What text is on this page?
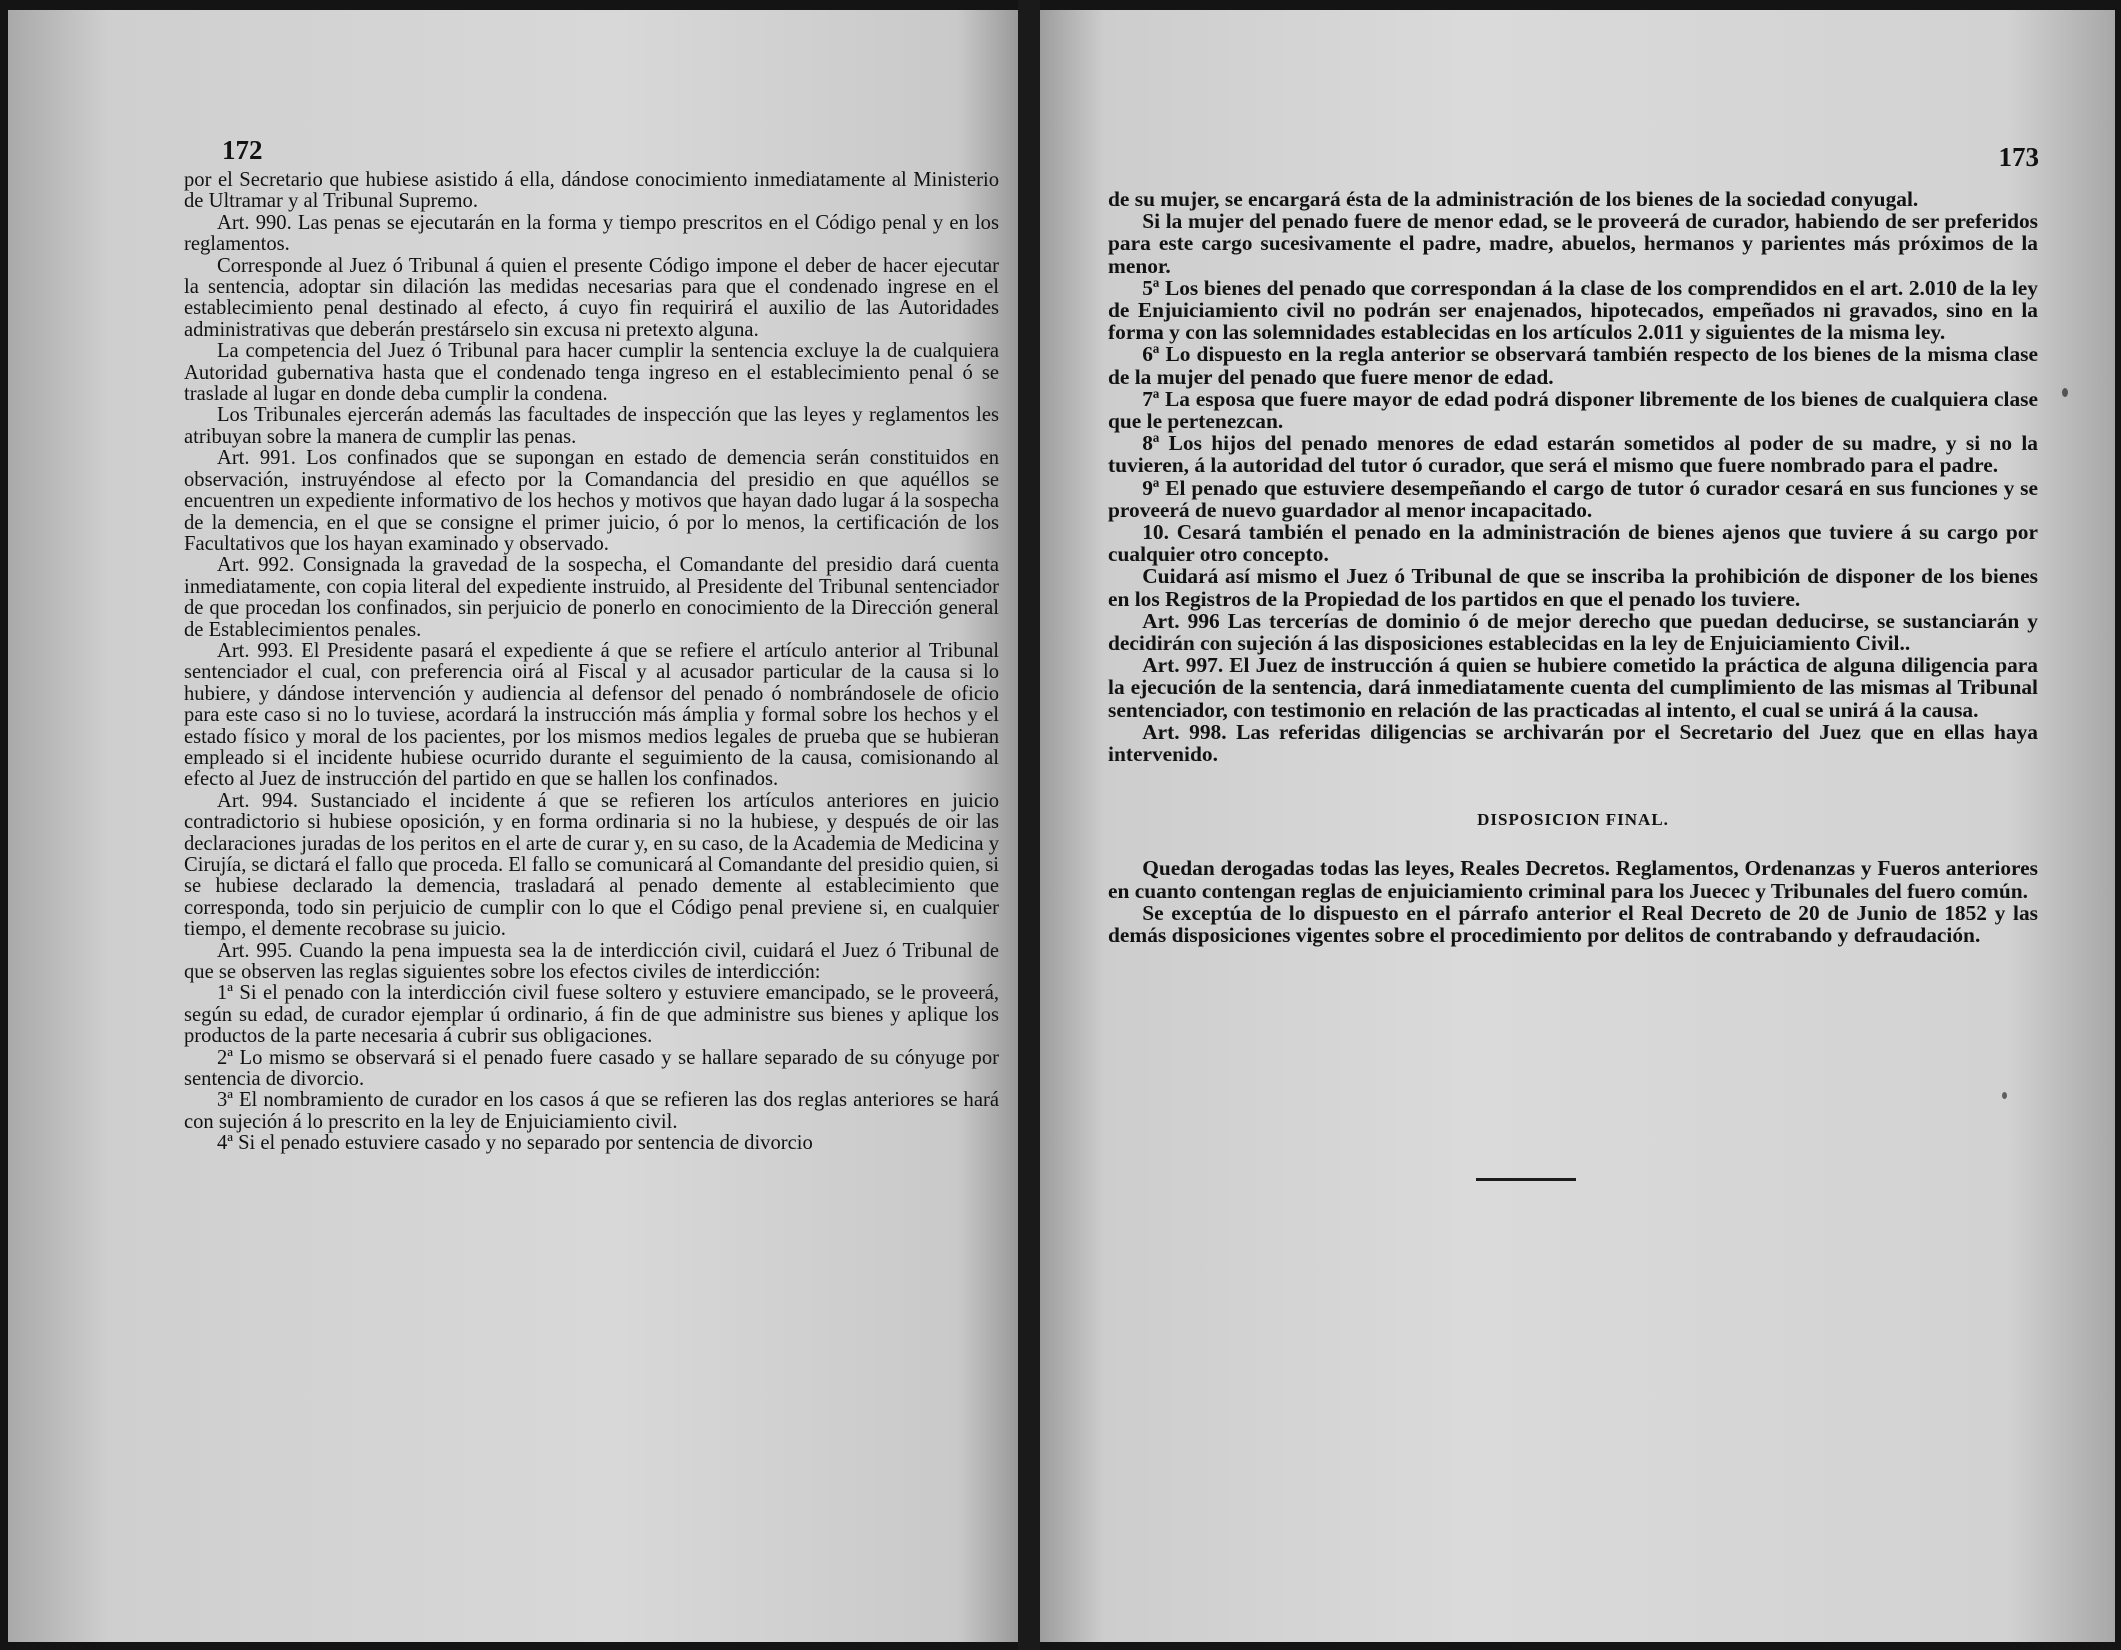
172

por el Secretario que hubiese asistido á ella, dándose conocimiento inmediatamente al Ministerio de Ultramar y al Tribunal Supremo.

Art. 990. Las penas se ejecutarán en la forma y tiempo prescritos en el Código penal y en los reglamentos.

Corresponde al Juez ó Tribunal á quien el presente Código impone el deber de hacer ejecutar la sentencia, adoptar sin dilación las medidas necesarias para que el condenado ingrese en el establecimiento penal destinado al efecto, á cuyo fin requirirá el auxilio de las Autoridades administrativas que deberán prestárselo sin excusa ni pretexto alguna.

La competencia del Juez ó Tribunal para hacer cumplir la sentencia excluye la de cualquiera Autoridad gubernativa hasta que el condenado tenga ingreso en el establecimiento penal ó se traslade al lugar en donde deba cumplir la condena.

Los Tribunales ejercerán además las facultades de inspección que las leyes y reglamentos les atribuyan sobre la manera de cumplir las penas.

Art. 991. Los confinados que se supongan en estado de demencia serán constituidos en observación, instruyéndose al efecto por la Comandancia del presidio en que aquéllos se encuentren un expediente informativo de los hechos y motivos que hayan dado lugar á la sospecha de la demencia, en el que se consigne el primer juicio, ó por lo menos, la certificación de los Facultativos que los hayan examinado y observado.

Art. 992. Consignada la gravedad de la sospecha, el Comandante del presidio dará cuenta inmediatamente, con copia literal del expediente instruido, al Presidente del Tribunal sentenciador de que procedan los confinados, sin perjuicio de ponerlo en conocimiento de la Dirección general de Establecimientos penales.

Art. 993. El Presidente pasará el expediente á que se refiere el artículo anterior al Tribunal sentenciador el cual, con preferencia oirá al Fiscal y al acusador particular de la causa si lo hubiere, y dándose intervención y audiencia al defensor del penado ó nombrándosele de oficio para este caso si no lo tuviese, acordará la instrucción más ámplia y formal sobre los hechos y el estado físico y moral de los pacientes, por los mismos medios legales de prueba que se hubieran empleado si el incidente hubiese ocurrido durante el seguimiento de la causa, comisionando al efecto al Juez de instrucción del partido en que se hallen los confinados.

Art. 994. Sustanciado el incidente á que se refieren los artículos anteriores en juicio contradictorio si hubiese oposición, y en forma ordinaria si no la hubiese, y después de oir las declaraciones juradas de los peritos en el arte de curar y, en su caso, de la Academia de Medicina y Cirujía, se dictará el fallo que proceda. El fallo se comunicará al Comandante del presidio quien, si se hubiese declarado la demencia, trasladará al penado demente al establecimiento que corresponda, todo sin perjuicio de cumplir con lo que el Código penal previene si, en cualquier tiempo, el demente recobrase su juicio.

Art. 995. Cuando la pena impuesta sea la de interdicción civil, cuidará el Juez ó Tribunal de que se observen las reglas siguientes sobre los efectos civiles de interdicción:

1ª Si el penado con la interdicción civil fuese soltero y estuviere emancipado, se le proveerá, según su edad, de curador ejemplar ú ordinario, á fin de que administre sus bienes y aplique los productos de la parte necesaria á cubrir sus obligaciones.

2ª Lo mismo se observará si el penado fuere casado y se hallare separado de su cónyuge por sentencia de divorcio.

3ª El nombramiento de curador en los casos á que se refieren las dos reglas anteriores se hará con sujeción á lo prescrito en la ley de Enjuiciamiento civil.

4ª Si el penado estuviere casado y no separado por sentencia de divorcio

173

de su mujer, se encargará ésta de la administración de los bienes de la sociedad conyugal.

Si la mujer del penado fuere de menor edad, se le proveerá de curador, habiendo de ser preferidos para este cargo sucesivamente el padre, madre, abuelos, hermanos y parientes más próximos de la menor.

5ª Los bienes del penado que correspondan á la clase de los comprendidos en el art. 2.010 de la ley de Enjuiciamiento civil no podrán ser enajenados, hipotecados, empeñados ni gravados, sino en la forma y con las solemnidades establecidas en los artículos 2.011 y siguientes de la misma ley.

6ª Lo dispuesto en la regla anterior se observará también respecto de los bienes de la misma clase de la mujer del penado que fuere menor de edad.

7ª La esposa que fuere mayor de edad podrá disponer libremente de los bienes de cualquiera clase que le pertenezcan.

8ª Los hijos del penado menores de edad estarán sometidos al poder de su madre, y si no la tuvieren, á la autoridad del tutor ó curador, que será el mismo que fuere nombrado para el padre.

9ª El penado que estuviere desempeñando el cargo de tutor ó curador cesará en sus funciones y se proveerá de nuevo guardador al menor incapacitado.

10. Cesará también el penado en la administración de bienes ajenos que tuviere á su cargo por cualquier otro concepto.

Cuidará así mismo el Juez ó Tribunal de que se inscriba la prohibición de disponer de los bienes en los Registros de la Propiedad de los partidos en que el penado los tuviere.

Art. 996 Las tercerías de dominio ó de mejor derecho que puedan deducirse, se sustanciarán y decidirán con sujeción á las disposiciones establecidas en la ley de Enjuiciamiento Civil..

Art. 997. El Juez de instrucción á quien se hubiere cometido la práctica de alguna diligencia para la ejecución de la sentencia, dará inmediatamente cuenta del cumplimiento de las mismas al Tribunal sentenciador, con testimonio en relación de las practicadas al intento, el cual se unirá á la causa.

Art. 998. Las referidas diligencias se archivarán por el Secretario del Juez que en ellas haya intervenido.

DISPOSICION FINAL.

Quedan derogadas todas las leyes, Reales Decretos. Reglamentos, Ordenanzas y Fueros anteriores en cuanto contengan reglas de enjuiciamiento criminal para los Juecec y Tribunales del fuero común.

Se exceptúa de lo dispuesto en el párrafo anterior el Real Decreto de 20 de Junio de 1852 y las demás disposiciones vigentes sobre el procedimiento por delitos de contrabando y defraudación.
